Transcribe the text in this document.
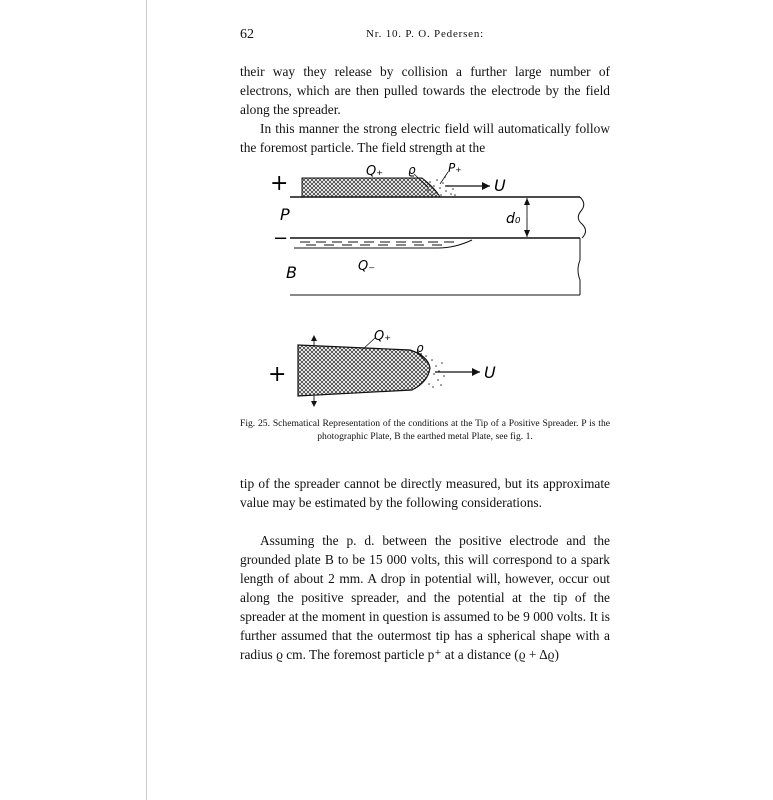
62	Nr. 10. P. O. Pedersen:

their way they release by collision a further large number of electrons, which are then pulled towards the electrode by the field along the spreader.

In this manner the strong electric field will automatically follow the foremost particle. The field strength at the

+
−
P
B
Q₊
Q₋
ϱ	P₊
U
d₀
+
Q₊
ϱ
U

Fig. 25. Schematical Representation of the conditions at the Tip of a Positive Spreader. P is the photographic Plate, B the earthed metal Plate, see fig. 1.

tip of the spreader cannot be directly measured, but its approximate value may be estimated by the following considerations.

Assuming the p. d. between the positive electrode and the grounded plate B to be 15 000 volts, this will correspond to a spark length of about 2 mm. A drop in potential will, however, occur out along the positive spreader, and the potential at the tip of the spreader at the moment in question is assumed to be 9 000 volts. It is further assumed that the outermost tip has a spherical shape with a radius ϱ cm. The foremost particle p⁺ at a distance (ϱ + Δϱ)
